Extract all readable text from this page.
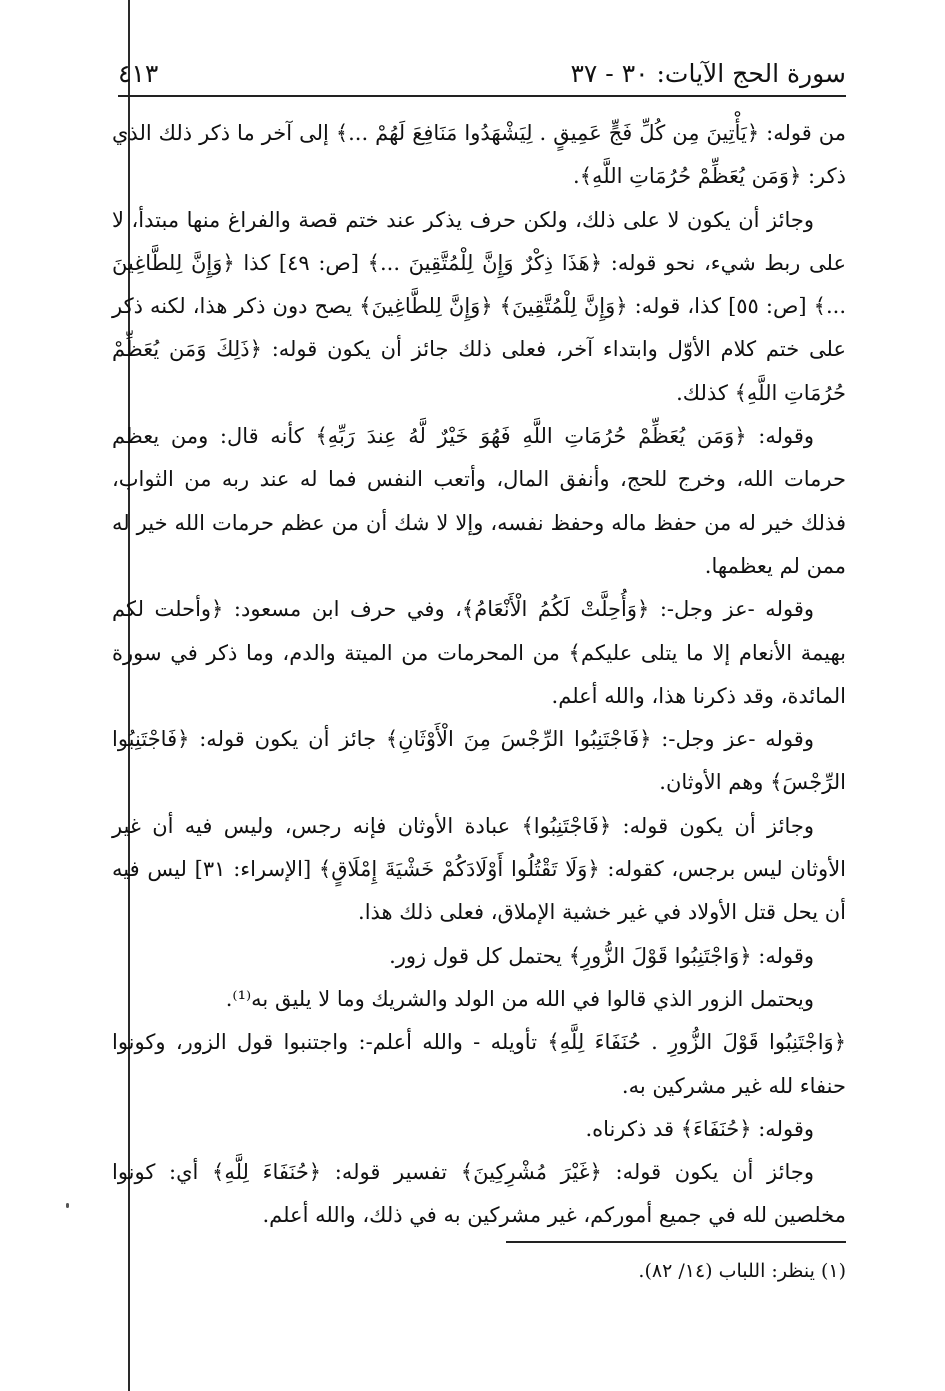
سورة الحج الآيات: ٣٠ - ٣٧
٤١٣

من قوله: ﴿يَأْتِينَ مِن كُلِّ فَجٍّ عَمِيقٍ . لِيَشْهَدُوا مَنَافِعَ لَهُمْ ...﴾ إلى آخر ما ذكر ذلك الذي ذكر: ﴿وَمَن يُعَظِّمْ حُرُمَاتِ اللَّهِ﴾.

وجائز أن يكون لا على ذلك، ولكن حرف يذكر عند ختم قصة والفراغ منها مبتدأ، لا على ربط شيء، نحو قوله: ﴿هَذَا ذِكْرٌ وَإِنَّ لِلْمُتَّقِينَ ...﴾ [ص: ٤٩] كذا ﴿وَإِنَّ لِلطَّاغِينَ ...﴾ [ص: ٥٥] كذا، قوله: ﴿وَإِنَّ لِلْمُتَّقِينَ﴾ ﴿وَإِنَّ لِلطَّاغِينَ﴾ يصح دون ذكر هذا، لكنه ذكر على ختم كلام الأوّل وابتداء آخر، فعلى ذلك جائز أن يكون قوله: ﴿ذَلِكَ وَمَن يُعَظِّمْ حُرُمَاتِ اللَّهِ﴾ كذلك.

وقوله: ﴿وَمَن يُعَظِّمْ حُرُمَاتِ اللَّهِ فَهُوَ خَيْرٌ لَّهُ عِندَ رَبِّهِ﴾ كأنه قال: ومن يعظم حرمات الله، وخرج للحج، وأنفق المال، وأتعب النفس فما له عند ربه من الثواب، فذلك خير له من حفظ ماله وحفظ نفسه، وإلا لا شك أن من عظم حرمات الله خير له ممن لم يعظمها.

وقوله -عز وجل-: ﴿وَأُحِلَّتْ لَكُمُ الْأَنْعَامُ﴾، وفي حرف ابن مسعود: ﴿وأحلت لكم بهيمة الأنعام إلا ما يتلى عليكم﴾ من المحرمات من الميتة والدم، وما ذكر في سورة المائدة، وقد ذكرنا هذا، والله أعلم.

وقوله -عز وجل-: ﴿فَاجْتَنِبُوا الرِّجْسَ مِنَ الْأَوْثَانِ﴾ جائز أن يكون قوله: ﴿فَاجْتَنِبُوا الرِّجْسَ﴾ وهم الأوثان.

وجائز أن يكون قوله: ﴿فَاجْتَنِبُوا﴾ عبادة الأوثان فإنه رجس، وليس فيه أن غير الأوثان ليس برجس، كقوله: ﴿وَلَا تَقْتُلُوا أَوْلَادَكُمْ خَشْيَةَ إِمْلَاقٍ﴾ [الإسراء: ٣١] ليس فيه أن يحل قتل الأولاد في غير خشية الإملاق، فعلى ذلك هذا.

وقوله: ﴿وَاجْتَنِبُوا قَوْلَ الزُّورِ﴾ يحتمل كل قول زور.

ويحتمل الزور الذي قالوا في الله من الولد والشريك وما لا يليق به⁽¹⁾.

﴿وَاجْتَنِبُوا قَوْلَ الزُّورِ . حُنَفَاءَ لِلَّهِ﴾ تأويله - والله أعلم-: واجتنبوا قول الزور، وكونوا حنفاء لله غير مشركين به.

وقوله: ﴿حُنَفَاءَ﴾ قد ذكرناه.

وجائز أن يكون قوله: ﴿غَيْرَ مُشْرِكِينَ﴾ تفسير قوله: ﴿حُنَفَاءَ لِلَّهِ﴾ أي: كونوا مخلصين لله في جميع أموركم، غير مشركين به في ذلك، والله أعلم.

(١) ينظر: اللباب (١٤/ ٨٢).
